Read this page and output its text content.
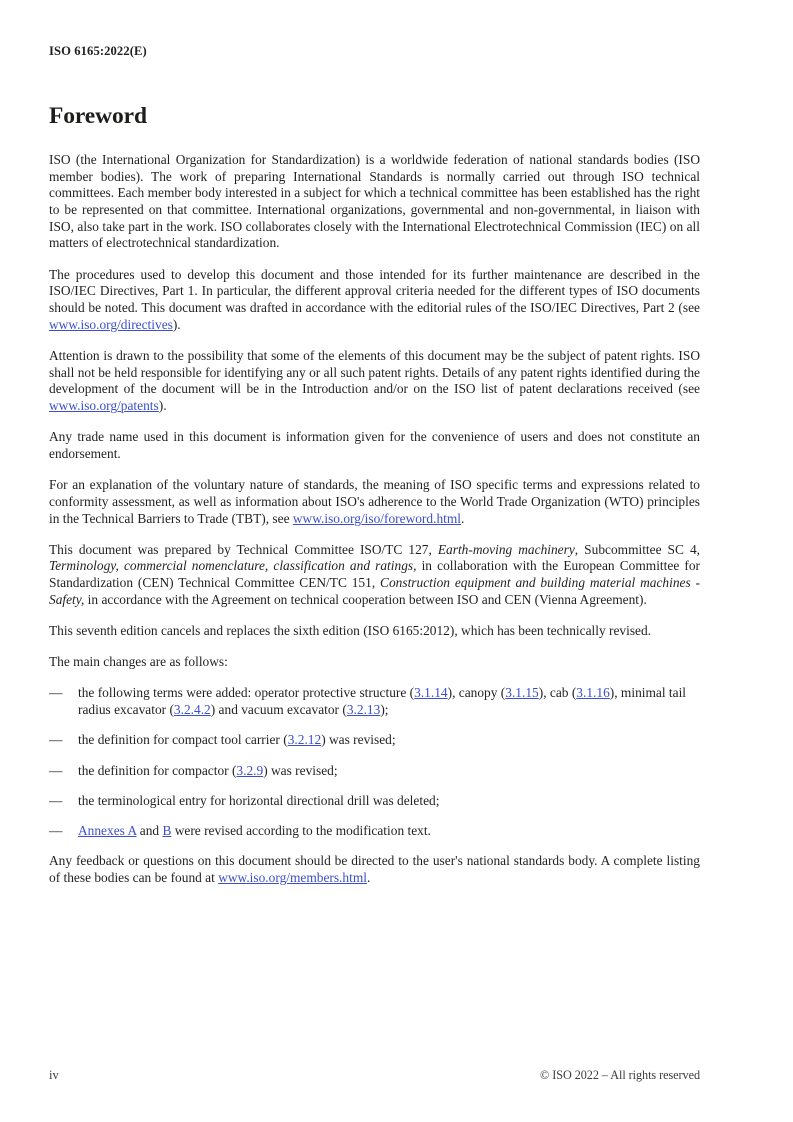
ISO 6165:2022(E)
Foreword

ISO (the International Organization for Standardization) is a worldwide federation of national standards bodies (ISO member bodies). The work of preparing International Standards is normally carried out through ISO technical committees. Each member body interested in a subject for which a technical committee has been established has the right to be represented on that committee. International organizations, governmental and non-governmental, in liaison with ISO, also take part in the work. ISO collaborates closely with the International Electrotechnical Commission (IEC) on all matters of electrotechnical standardization.

The procedures used to develop this document and those intended for its further maintenance are described in the ISO/IEC Directives, Part 1. In particular, the different approval criteria needed for the different types of ISO documents should be noted. This document was drafted in accordance with the editorial rules of the ISO/IEC Directives, Part 2 (see www.iso.org/directives).

Attention is drawn to the possibility that some of the elements of this document may be the subject of patent rights. ISO shall not be held responsible for identifying any or all such patent rights. Details of any patent rights identified during the development of the document will be in the Introduction and/or on the ISO list of patent declarations received (see www.iso.org/patents).

Any trade name used in this document is information given for the convenience of users and does not constitute an endorsement.

For an explanation of the voluntary nature of standards, the meaning of ISO specific terms and expressions related to conformity assessment, as well as information about ISO's adherence to the World Trade Organization (WTO) principles in the Technical Barriers to Trade (TBT), see www.iso.org/iso/foreword.html.

This document was prepared by Technical Committee ISO/TC 127, Earth-moving machinery, Subcommittee SC 4, Terminology, commercial nomenclature, classification and ratings, in collaboration with the European Committee for Standardization (CEN) Technical Committee CEN/TC 151, Construction equipment and building material machines - Safety, in accordance with the Agreement on technical cooperation between ISO and CEN (Vienna Agreement).

This seventh edition cancels and replaces the sixth edition (ISO 6165:2012), which has been technically revised.

The main changes are as follows:

—	the following terms were added: operator protective structure (3.1.14), canopy (3.1.15), cab (3.1.16), minimal tail radius excavator (3.2.4.2) and vacuum excavator (3.2.13);
—	the definition for compact tool carrier (3.2.12) was revised;
—	the definition for compactor (3.2.9) was revised;
—	the terminological entry for horizontal directional drill was deleted;
—	Annexes A and B were revised according to the modification text.

Any feedback or questions on this document should be directed to the user's national standards body. A complete listing of these bodies can be found at www.iso.org/members.html.

iv	© ISO 2022 – All rights reserved
